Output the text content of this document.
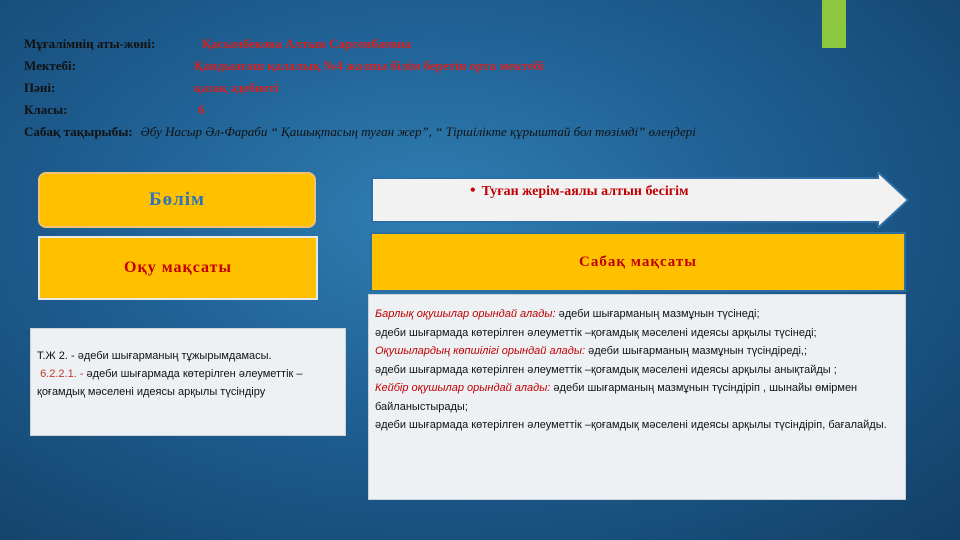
Мұғалімнің аты-жөні:	Қасымбекова Алтын Сарсенбаевна
Мектебі:	Қандыағаш қалалық №4 жалпы білім беретін орта мектебі
Пәні:	қазақ әдебиеті
Класы:	6
Сабақ тақырыбы: Әбу Насыр Әл-Фараби “ Қашықтасың туған жер”, “ Тіршілікте құрыштай бол төзімді” өлеңдері
Бөлім	• Туған жерім-аялы алтын бесігім
Оқу мақсаты	Сабақ мақсаты
Т.Ж 2. - әдеби шығарманың тұжырымдамасы.
6.2.2.1. - әдеби шығармада көтерілген әлеуметтік –қоғамдық мәселені идеясы арқылы түсіндіру
Барлық оқушылар орындай алады: әдеби шығарманың мазмұнын түсінеді;
әдеби шығармада көтерілген әлеуметтік –қоғамдық мәселені идеясы арқылы түсінеді;
Оқушылардың көпшілігі орындай алады: әдеби шығарманың мазмұнын түсіндіреді,;
әдеби шығармада көтерілген әлеуметтік –қоғамдық мәселені идеясы арқылы анықтайды ;
Кейбір оқушылар орындай алады: әдеби шығарманың мазмұнын түсіндіріп , шынайы өмірмен байланыстырады;
әдеби шығармада көтерілген әлеуметтік –қоғамдық мәселені идеясы арқылы түсіндіріп, бағалайды.
